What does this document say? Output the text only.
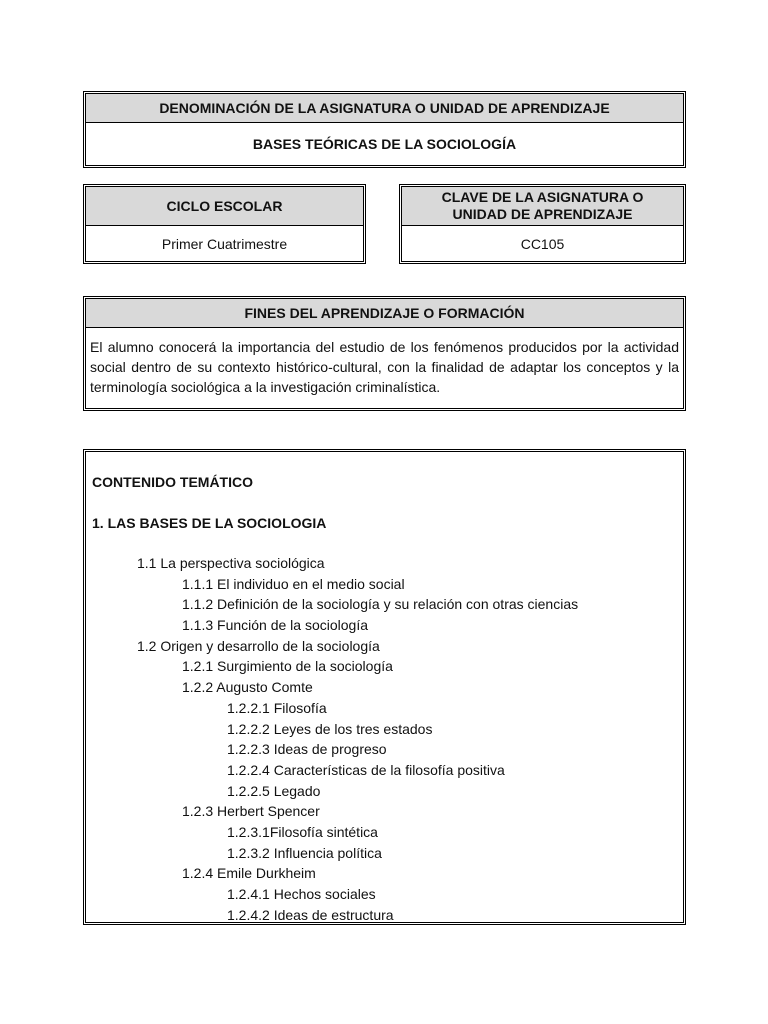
DENOMINACIÓN DE LA ASIGNATURA O UNIDAD DE APRENDIZAJE
BASES TEÓRICAS DE LA SOCIOLOGÍA
CICLO ESCOLAR
Primer Cuatrimestre
CLAVE DE LA ASIGNATURA O UNIDAD DE APRENDIZAJE
CC105
FINES DEL APRENDIZAJE O FORMACIÓN
El alumno conocerá la importancia del estudio de los fenómenos producidos por la actividad social dentro de su contexto histórico-cultural, con la finalidad de adaptar los conceptos y la terminología sociológica a la investigación criminalística.
CONTENIDO TEMÁTICO
1. LAS BASES DE LA SOCIOLOGIA
1.1 La perspectiva sociológica
1.1.1 El individuo en el medio social
1.1.2 Definición de la sociología y su relación con otras ciencias
1.1.3 Función de la sociología
1.2 Origen y desarrollo de la sociología
1.2.1 Surgimiento de la sociología
1.2.2 Augusto Comte
1.2.2.1 Filosofía
1.2.2.2 Leyes de los tres estados
1.2.2.3 Ideas de progreso
1.2.2.4 Características de la filosofía positiva
1.2.2.5 Legado
1.2.3 Herbert Spencer
1.2.3.1Filosofía sintética
1.2.3.2 Influencia política
1.2.4 Emile Durkheim
1.2.4.1 Hechos sociales
1.2.4.2 Ideas de estructura
